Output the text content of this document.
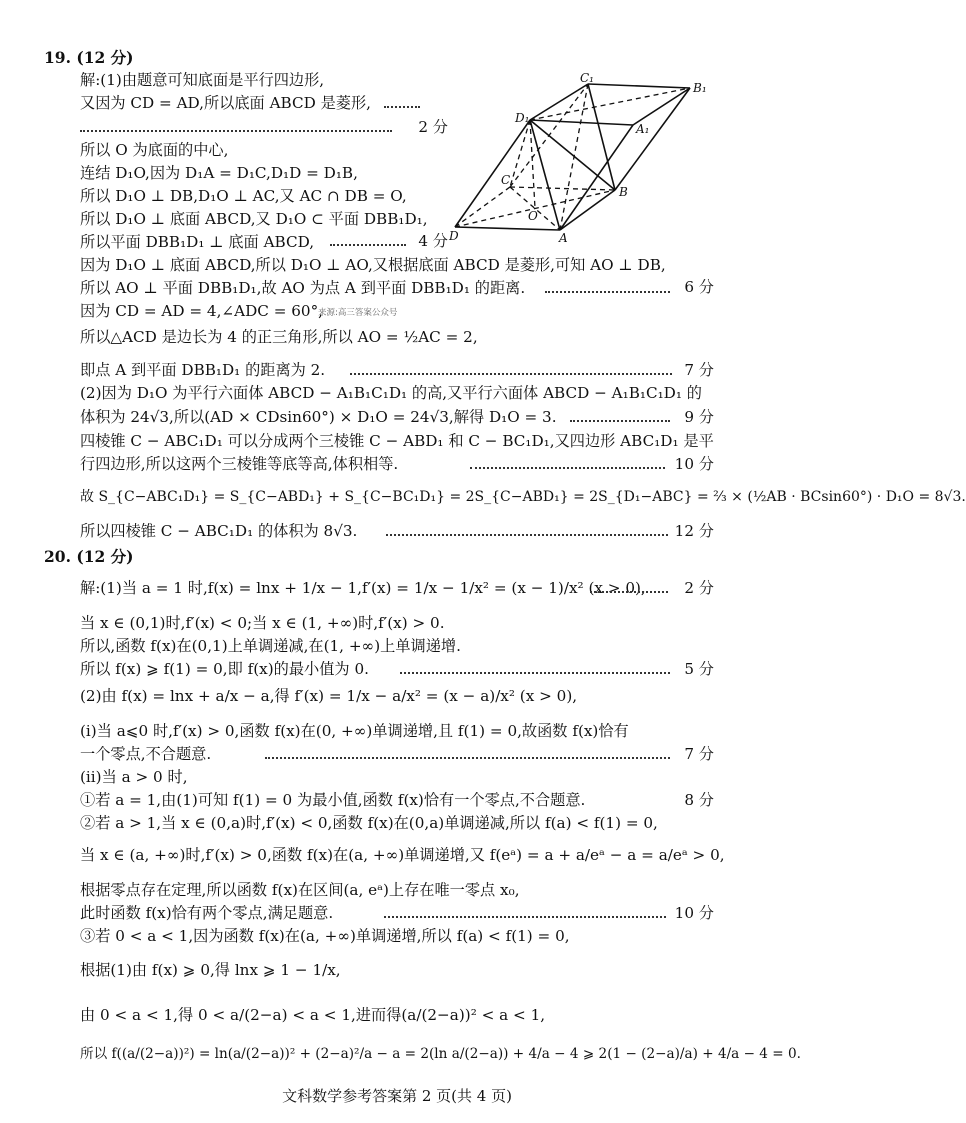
19. (12 分)
解:(1)由题意可知底面是平行四边形,
又因为 CD = AD,所以底面 ABCD 是菱形,
2 分
所以 O 为底面的中心,
连结 D₁O,因为 D₁A = D₁C,D₁D = D₁B,
所以 D₁O ⊥ DB,D₁O ⊥ AC,又 AC ∩ DB = O,
所以 D₁O ⊥ 底面 ABCD,又 D₁O ⊂ 平面 DBB₁D₁,
所以平面 DBB₁D₁ ⊥ 底面 ABCD,	4 分
C₁
B₁
D₁
A₁
C
B
O
D	A
因为 D₁O ⊥ 底面 ABCD,所以 D₁O ⊥ AO,又根据底面 ABCD 是菱形,可知 AO ⊥ DB,
所以 AO ⊥ 平面 DBB₁D₁,故 AO 为点 A 到平面 DBB₁D₁ 的距离.	6 分
因为 CD = AD = 4,∠ADC = 60°,
来源:高三答案公众号
所以△ACD 是边长为 4 的正三角形,所以 AO = ½AC = 2,
即点 A 到平面 DBB₁D₁ 的距离为 2.	7 分
(2)因为 D₁O 为平行六面体 ABCD − A₁B₁C₁D₁ 的高,又平行六面体 ABCD − A₁B₁C₁D₁ 的
体积为 24√3,所以(AD × CDsin60°) × D₁O = 24√3,解得 D₁O = 3.	9 分
四棱锥 C − ABC₁D₁ 可以分成两个三棱锥 C − ABD₁ 和 C − BC₁D₁,又四边形 ABC₁D₁ 是平
行四边形,所以这两个三棱锥等底等高,体积相等.	10 分
故 S_{C−ABC₁D₁} = S_{C−ABD₁} + S_{C−BC₁D₁} = 2S_{C−ABD₁} = 2S_{D₁−ABC} = ⅔ × (½AB · BCsin60°) · D₁O = 8√3.
所以四棱锥 C − ABC₁D₁ 的体积为 8√3.	12 分
20. (12 分)
解:(1)当 a = 1 时,f(x) = lnx + 1/x − 1,f′(x) = 1/x − 1/x² = (x − 1)/x² (x > 0),	2 分
当 x ∈ (0,1)时,f′(x) < 0;当 x ∈ (1, +∞)时,f′(x) > 0.
所以,函数 f(x)在(0,1)上单调递减,在(1, +∞)上单调递增.
所以 f(x) ⩾ f(1) = 0,即 f(x)的最小值为 0.	5 分
(2)由 f(x) = lnx + a/x − a,得 f′(x) = 1/x − a/x² = (x − a)/x² (x > 0),
(ⅰ)当 a⩽0 时,f′(x) > 0,函数 f(x)在(0, +∞)单调递增,且 f(1) = 0,故函数 f(x)恰有
一个零点,不合题意.	7 分
(ⅱ)当 a > 0 时,
①若 a = 1,由(1)可知 f(1) = 0 为最小值,函数 f(x)恰有一个零点,不合题意.	8 分
②若 a > 1,当 x ∈ (0,a)时,f′(x) < 0,函数 f(x)在(0,a)单调递减,所以 f(a) < f(1) = 0,
当 x ∈ (a, +∞)时,f′(x) > 0,函数 f(x)在(a, +∞)单调递增,又 f(eᵃ) = a + a/eᵃ − a = a/eᵃ > 0,
根据零点存在定理,所以函数 f(x)在区间(a, eᵃ)上存在唯一零点 x₀,
此时函数 f(x)恰有两个零点,满足题意.	10 分
③若 0 < a < 1,因为函数 f(x)在(a, +∞)单调递增,所以 f(a) < f(1) = 0,
根据(1)由 f(x) ⩾ 0,得 lnx ⩾ 1 − 1/x,
由 0 < a < 1,得 0 < a/(2−a) < a < 1,进而得(a/(2−a))² < a < 1,
所以 f((a/(2−a))²) = ln(a/(2−a))² + (2−a)²/a − a = 2(ln a/(2−a)) + 4/a − 4 ⩾ 2(1 − (2−a)/a) + 4/a − 4 = 0.
文科数学参考答案第 2 页(共 4 页)
